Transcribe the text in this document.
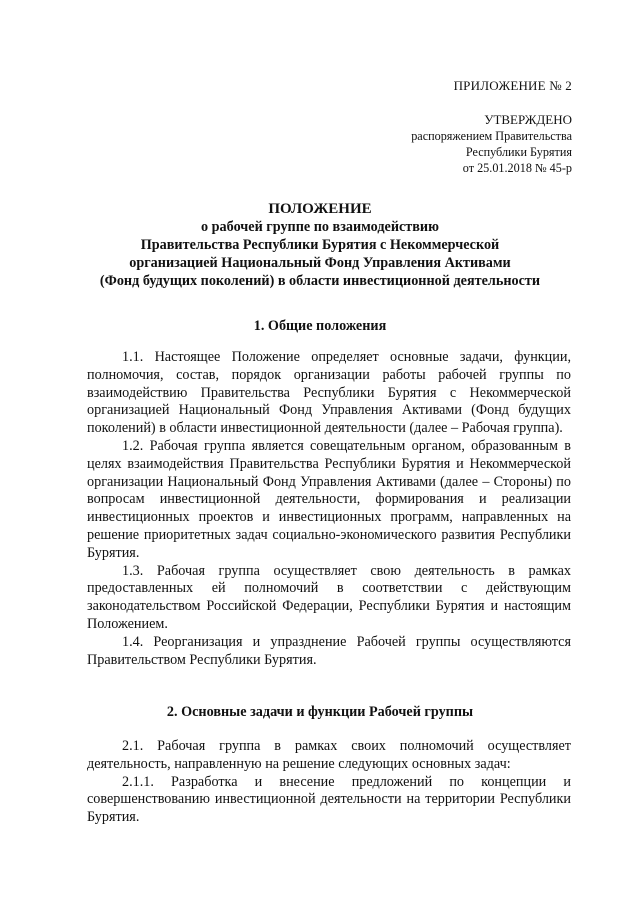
ПРИЛОЖЕНИЕ № 2
УТВЕРЖДЕНО
распоряжением Правительства
Республики Бурятия
от 25.01.2018 № 45-р
ПОЛОЖЕНИЕ
о рабочей группе по взаимодействию
Правительства Республики Бурятия с Некоммерческой
организацией Национальный Фонд Управления Активами
(Фонд будущих поколений) в области инвестиционной деятельности
1. Общие положения

1.1. Настоящее Положение определяет основные задачи, функции, полномочия, состав, порядок организации работы рабочей группы по взаимодействию Правительства Республики Бурятия с Некоммерческой организацией Национальный Фонд Управления Активами (Фонд будущих поколений) в области инвестиционной деятельности (далее – Рабочая группа).

1.2. Рабочая группа является совещательным органом, образованным в целях взаимодействия Правительства Республики Бурятия и Некоммерческой организации Национальный Фонд Управления Активами (далее – Стороны) по вопросам инвестиционной деятельности, формирования и реализации инвестиционных проектов и инвестиционных программ, направленных на решение приоритетных задач социально-экономического развития Республики Бурятия.

1.3. Рабочая группа осуществляет свою деятельность в рамках предоставленных ей полномочий в соответствии с действующим законодательством Российской Федерации, Республики Бурятия и настоящим Положением.

1.4. Реорганизация и упразднение Рабочей группы осуществляются Правительством Республики Бурятия.

2. Основные задачи и функции Рабочей группы

2.1. Рабочая группа в рамках своих полномочий осуществляет деятельность, направленную на решение следующих основных задач:

2.1.1. Разработка и внесение предложений по концепции и совершенствованию инвестиционной деятельности на территории Республики Бурятия.
